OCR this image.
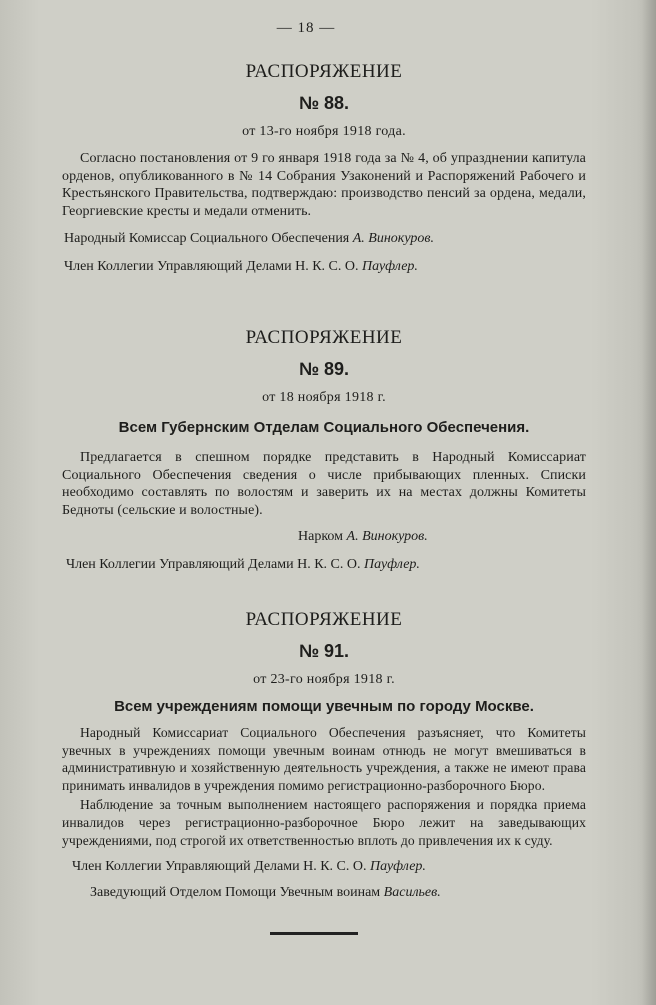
— 18 —
РАСПОРЯЖЕНИЕ
№ 88.
от 13-го ноября 1918 года.
Согласно постановления от 9 го января 1918 года за № 4, об упразднении капитула орденов, опубликованного в № 14 Собрания Узаконений и Распоряжений Рабочего и Крестьянского Правительства, подтверждаю: производство пенсий за ордена, медали, Георгиевские кресты и медали отменить.
Народный Комиссар Социального Обеспечения А. Винокуров.
Член Коллегии Управляющий Делами Н. К. С. О. Пауфлер.
РАСПОРЯЖЕНИЕ
№ 89.
от 18 ноября 1918 г.
Всем Губернским Отделам Социального Обеспечения.
Предлагается в спешном порядке представить в Народный Комиссариат Социального Обеспечения сведения о числе прибывающих пленных. Списки необходимо составлять по волостям и заверить их на местах должны Комитеты Бедноты (сельские и волостные).
Нарком А. Винокуров.
Член Коллегии Управляющий Делами Н. К. С. О. Пауфлер.
РАСПОРЯЖЕНИЕ
№ 91.
от 23-го ноября 1918 г.
Всем учреждениям помощи увечным по городу Москве.
Народный Комиссариат Социального Обеспечения разъясняет, что Комитеты увечных в учреждениях помощи увечным воинам отнюдь не могут вмешиваться в административную и хозяйственную деятельность учреждения, а также не имеют права принимать инвалидов в учреждения помимо регистрационно-разборочного Бюро.
Наблюдение за точным выполнением настоящего распоряжения и порядка приема инвалидов через регистрационно-разборочное Бюро лежит на заведывающих учреждениями, под строгой их ответственностью вплоть до привлечения их к суду.
Член Коллегии Управляющий Делами Н. К. С. О. Пауфлер.
Заведующий Отделом Помощи Увечным воинам Васильев.
